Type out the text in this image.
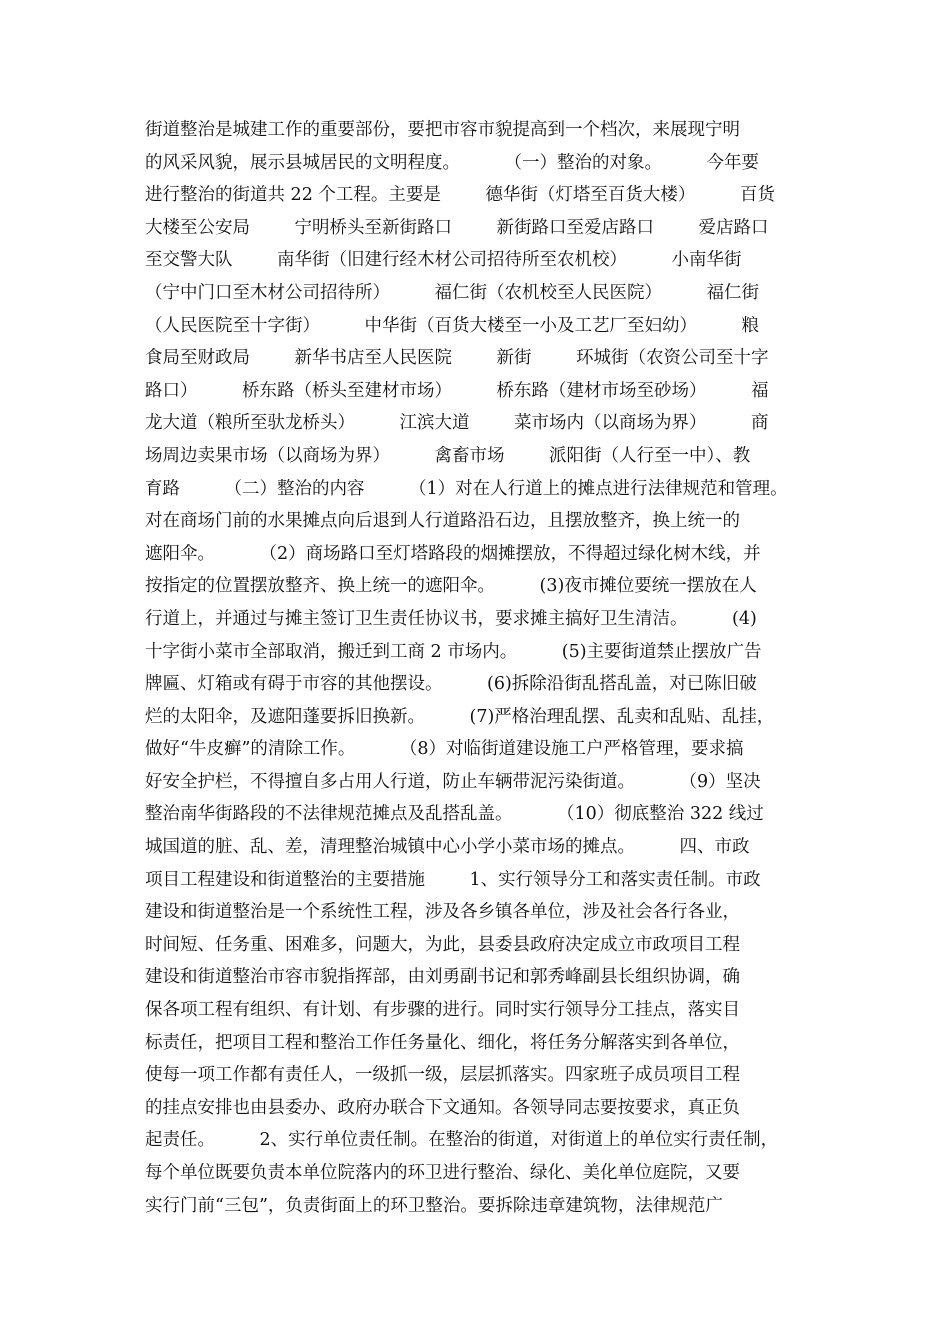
街道整治是城建工作的重要部份，要把市容市貌提高到一个档次，来展现宁明
的风采风貌，展示县城居民的文明程度。        （一）整治的对象。        今年要
进行整治的街道共 22 个工程。主要是        德华街（灯塔至百货大楼）        百货
大楼至公安局        宁明桥头至新街路口        新街路口至爱店路口        爱店路口
至交警大队        南华街（旧建行经木材公司招待所至农机校）        小南华街
（宁中门口至木材公司招待所）        福仁街（农机校至人民医院）        福仁街
（人民医院至十字街）        中华街（百货大楼至一小及工艺厂至妇幼）        粮
食局至财政局        新华书店至人民医院        新街        环城街（农资公司至十字
路口）        桥东路（桥头至建材市场）        桥东路（建材市场至砂场）        福
龙大道（粮所至驮龙桥头）        江滨大道        菜市场内（以商场为界）        商
场周边卖果市场（以商场为界）        禽畜市场        派阳街（人行至一中）、教
育路        （二）整治的内容        （1）对在人行道上的摊点进行法律规范和管理。
对在商场门前的水果摊点向后退到人行道路沿石边，且摆放整齐，换上统一的
遮阳伞。        （2）商场路口至灯塔路段的烟摊摆放，不得超过绿化树木线，并
按指定的位置摆放整齐、换上统一的遮阳伞。        (3)夜市摊位要统一摆放在人
行道上，并通过与摊主签订卫生责任协议书，要求摊主搞好卫生清洁。        (4)
十字街小菜市全部取消，搬迁到工商 2 市场内。        (5)主要街道禁止摆放广告
牌匾、灯箱或有碍于市容的其他摆设。        (6)拆除沿街乱搭乱盖，对已陈旧破
烂的太阳伞，及遮阳蓬要拆旧换新。        (7)严格治理乱摆、乱卖和乱贴、乱挂，
做好“牛皮癣”的清除工作。        （8）对临街道建设施工户严格管理，要求搞
好安全护栏，不得擅自多占用人行道，防止车辆带泥污染街道。        （9）坚决
整治南华街路段的不法律规范摊点及乱搭乱盖。        （10）彻底整治 322 线过
城国道的脏、乱、差，清理整治城镇中心小学小菜市场的摊点。        四、市政
项目工程建设和街道整治的主要措施        1、实行领导分工和落实责任制。市政
建设和街道整治是一个系统性工程，涉及各乡镇各单位，涉及社会各行各业，
时间短、任务重、困难多，问题大，为此，县委县政府决定成立市政项目工程
建设和街道整治市容市貌指挥部，由刘勇副书记和郭秀峰副县长组织协调，确
保各项工程有组织、有计划、有步骤的进行。同时实行领导分工挂点，落实目
标责任，把项目工程和整治工作任务量化、细化，将任务分解落实到各单位，
使每一项工作都有责任人，一级抓一级，层层抓落实。四家班子成员项目工程
的挂点安排也由县委办、政府办联合下文通知。各领导同志要按要求，真正负
起责任。        2、实行单位责任制。在整治的街道，对街道上的单位实行责任制，
每个单位既要负责本单位院落内的环卫进行整治、绿化、美化单位庭院，又要
实行门前“三包”，负责街面上的环卫整治。要拆除违章建筑物，法律规范广
